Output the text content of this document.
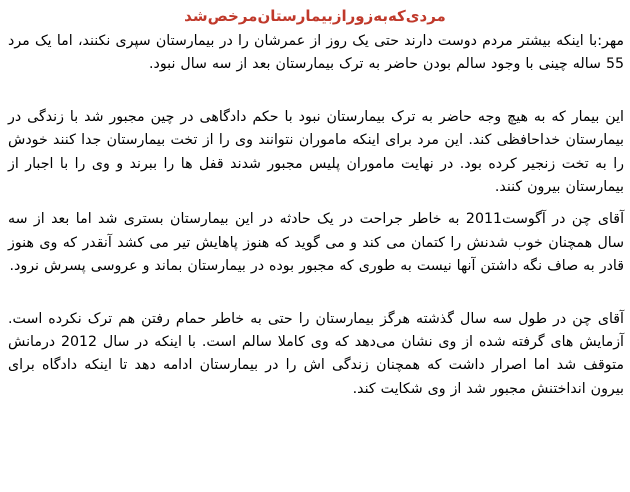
مردی‌که‌به‌زوراز‌بیمارستان‌مرخص‌شد

مهر:با اینکه بیشتر مردم دوست دارند حتی یک روز از عمرشان را در بیمارستان سپری نکنند، اما یک مرد 55 ساله چینی با وجود سالم بودن حاضر به ترک بیمارستان بعد از سه سال نبود.

این بیمار که به هیچ وجه حاضر به ترک بیمارستان نبود با حکم دادگاهی در چین مجبور شد با زندگی در بیمارستان خداحافظی کند. این مرد برای اینکه ماموران نتوانند وی را از تخت بیمارستان جدا کنند خودش را به تخت زنجیر کرده بود. در نهایت ماموران پلیس مجبور شدند قفل ها را ببرند و وی را با اجبار از بیمارستان بیرون کنند.

آقای چن در آگوست2011 به خاطر جراحت در یک حادثه در این بیمارستان بستری شد اما بعد از سه سال همچنان خوب شدنش را کتمان می کند و می گوید که هنوز پاهایش تیر می کشد آنقدر که وی هنوز قادر به صاف نگه داشتن آنها نیست به طوری که مجبور بوده در بیمارستان بماند و عروسی پسرش نرود.

آقای چن در طول سه سال گذشته هرگز بیمارستان را حتی به خاطر حمام رفتن هم ترک نکرده است. آزمایش های گرفته شده از وی نشان می‌دهد که وی کاملا سالم است. با اینکه در سال 2012 درمانش متوقف شد اما اصرار داشت که همچنان زندگی اش را در بیمارستان ادامه دهد تا اینکه دادگاه برای بیرون انداختنش مجبور شد از وی شکایت کند.
